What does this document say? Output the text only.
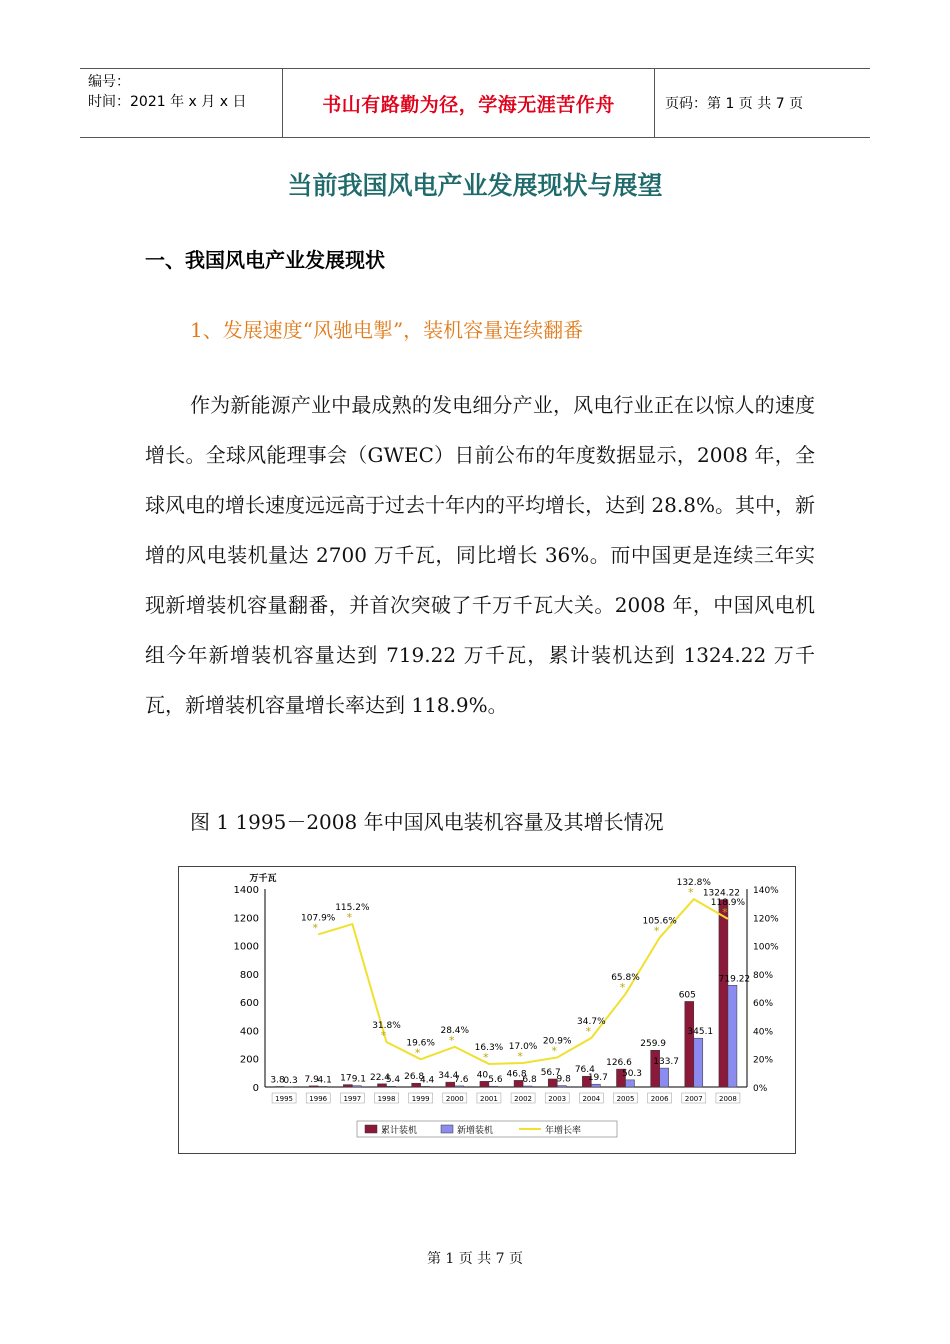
编号：
时间：2021 年 x 月 x 日	书山有路勤为径，学海无涯苦作舟	页码：第 1 页 共 7 页
当前我国风电产业发展现状与展望
一、我国风电产业发展现状
1、发展速度“风驰电掣”，装机容量连续翻番
作为新能源产业中最成熟的发电细分产业，风电行业正在以惊人的速度增长。全球风能理事会（GWEC）日前公布的年度数据显示，2008 年，全球风电的增长速度远远高于过去十年内的平均增长，达到 28.8%。其中，新增的风电装机量达 2700 万千瓦，同比增长 36%。而中国更是连续三年实现新增装机容量翻番，并首次突破了千万千瓦大关。2008 年，中国风电机组今年新增装机容量达到 719.22 万千瓦，累计装机达到 1324.22 万千瓦，新增装机容量增长率达到 118.9%。
图 1 1995－2008 年中国风电装机容量及其增长情况
0
200
400
600
800
1000
1200
1400
万千瓦
0%
20%
40%
60%
80%
100%
120%
140%
1995
3.8
0.3
1996
7.9
4.1
1997
17 9.1
1998
22.4
5.4
1999
26.8
4.4
2000
34.4
7.6
2001
40 5.6
2002
46.8
6.8
2003
56.7
9.8
2004
76.4
19.7
2005
126.6
50.3
2006
259.9
133.7
2007
605
345.1
2008
1324.22
719.22
*
107.9% *
115.2%
*
31.8%
*
19.6% *
28.4%
*
16.3%
*
17.0% *
20.9%
*
34.7%
*
65.8%
*
105.6%
*
132.8%
*
118.9%
累计装机	新增装机	年增长率
第 1 页 共 7 页
